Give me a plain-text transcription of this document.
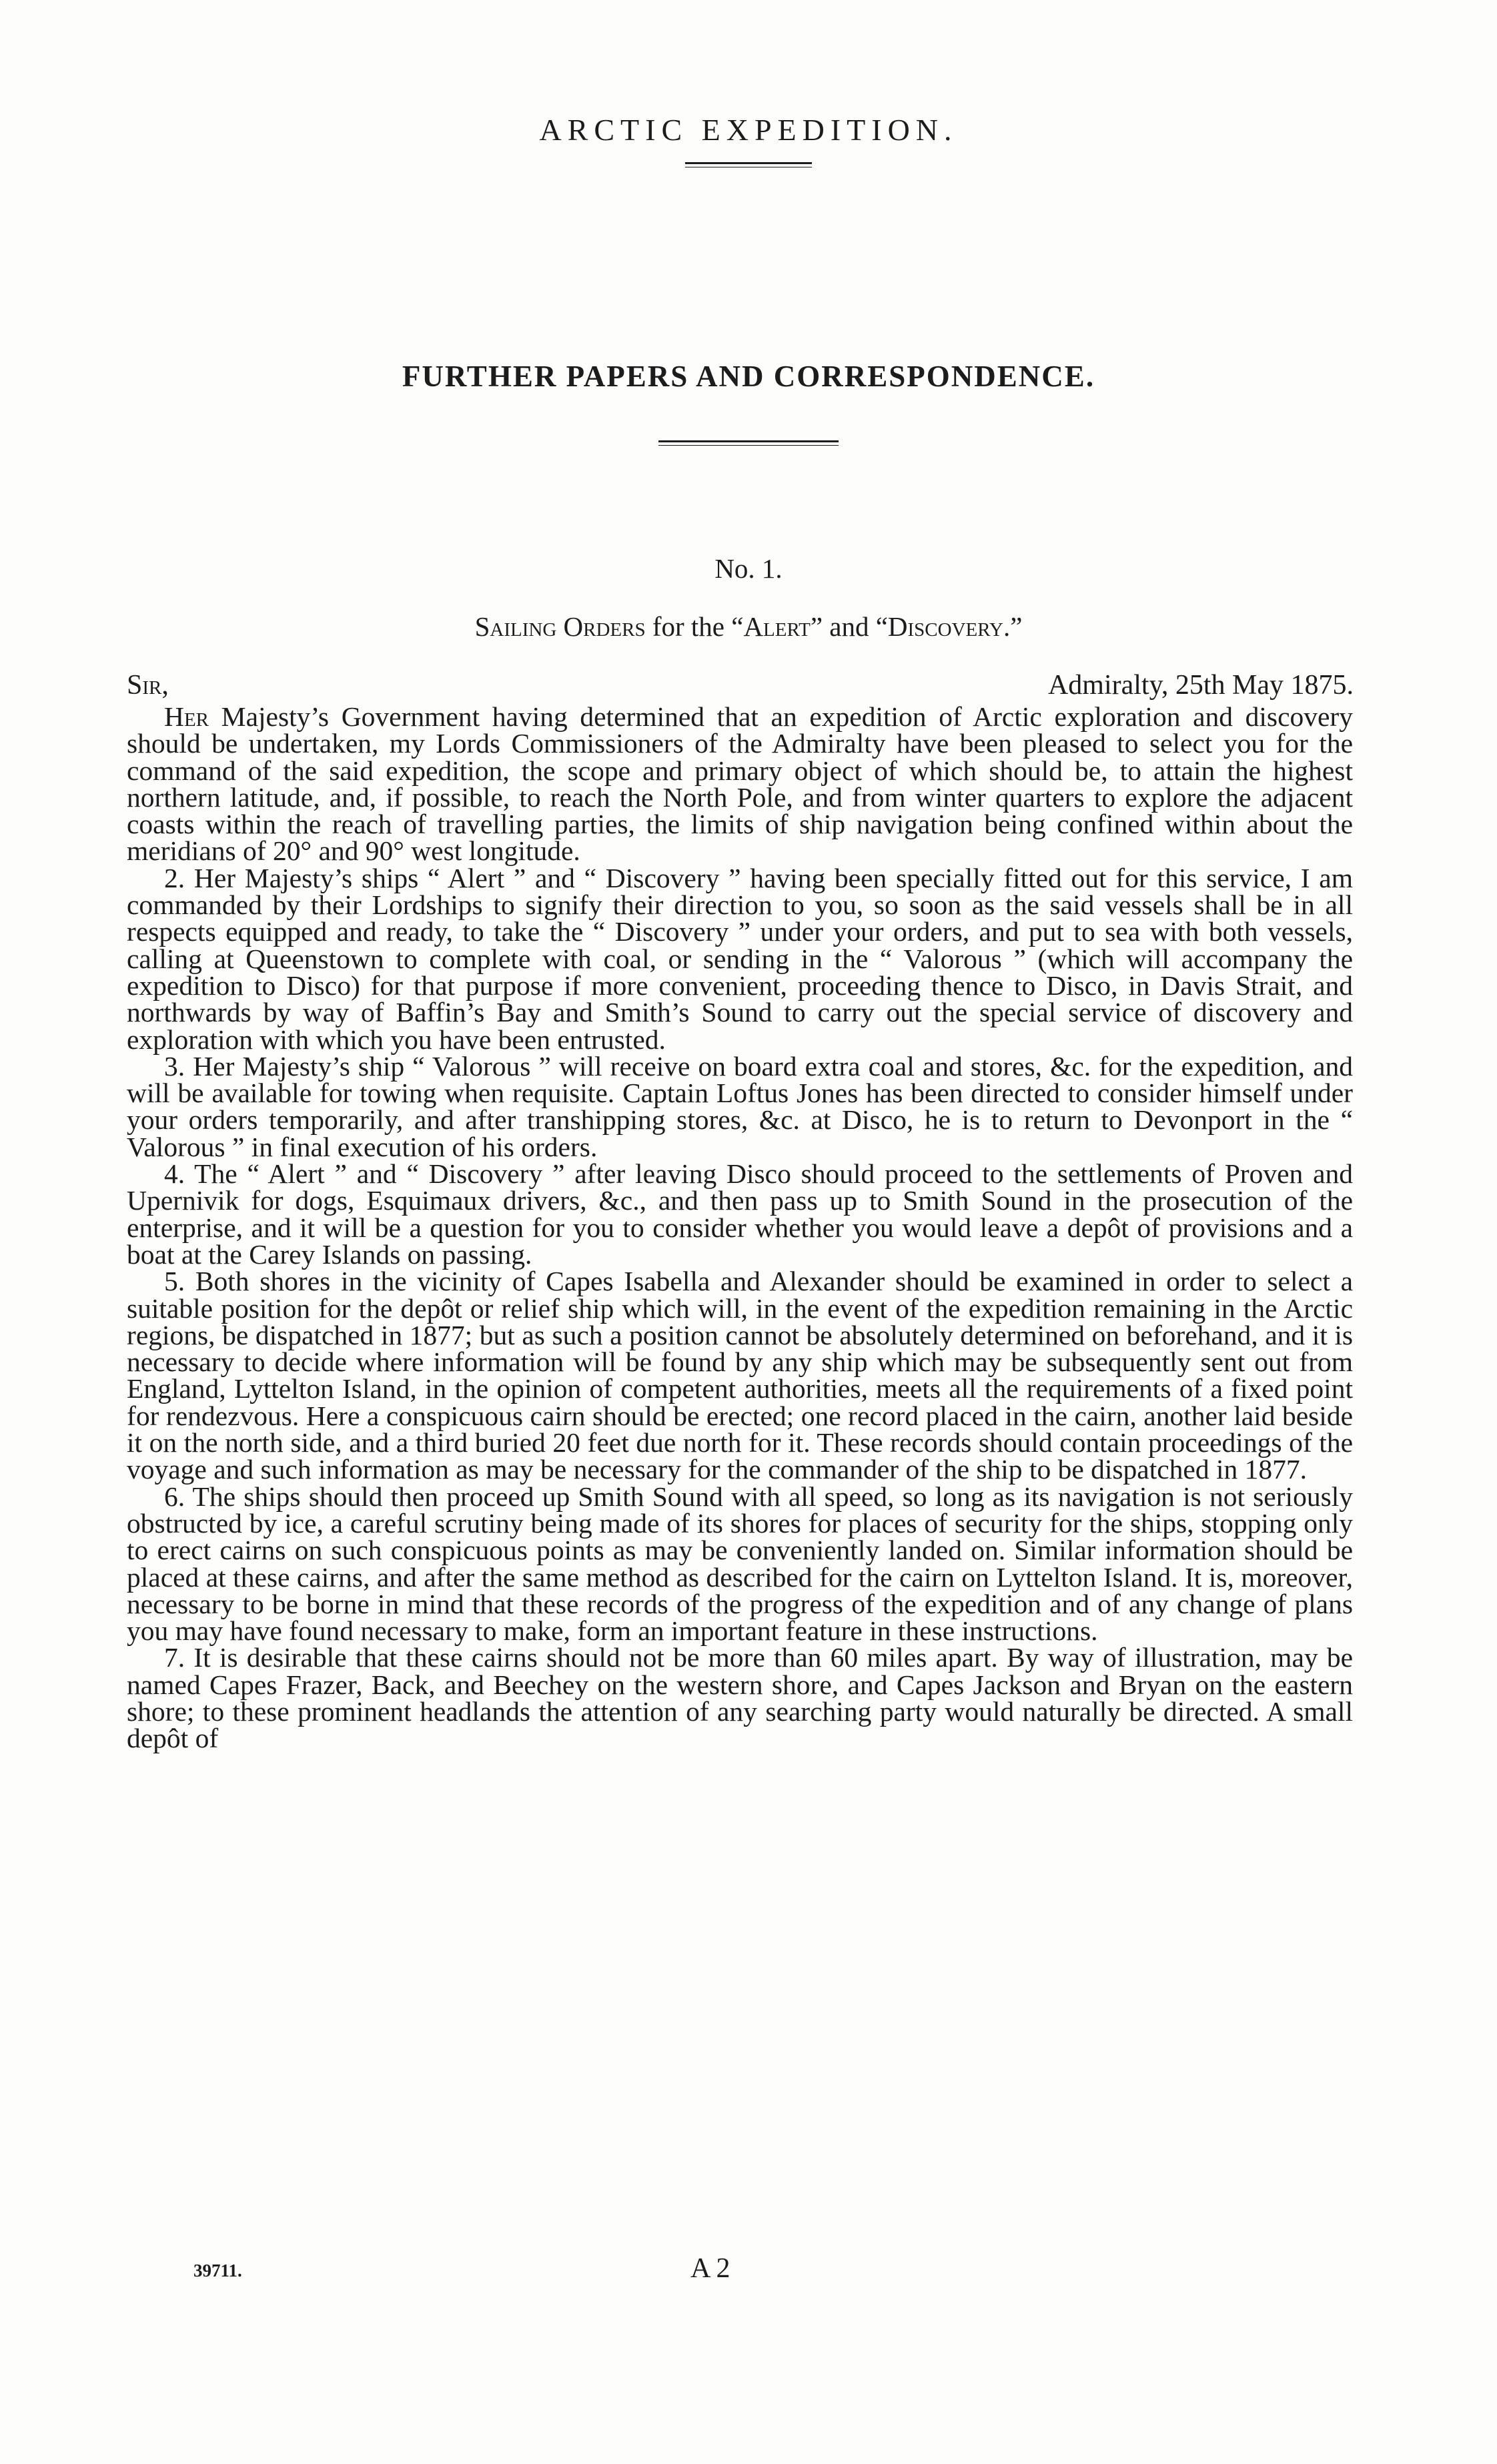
ARCTIC EXPEDITION.
FURTHER PAPERS AND CORRESPONDENCE.
No. 1.
Sailing Orders for the “Alert” and “Discovery.”
Sir,	Admiralty, 25th May 1875.

Her Majesty’s Government having determined that an expedition of Arctic exploration and discovery should be undertaken, my Lords Commissioners of the Admiralty have been pleased to select you for the command of the said expedition, the scope and primary object of which should be, to attain the highest northern latitude, and, if possible, to reach the North Pole, and from winter quarters to explore the adjacent coasts within the reach of travelling parties, the limits of ship navigation being confined within about the meridians of 20° and 90° west longitude.

2. Her Majesty’s ships “ Alert ” and “ Discovery ” having been specially fitted out for this service, I am commanded by their Lordships to signify their direction to you, so soon as the said vessels shall be in all respects equipped and ready, to take the “ Discovery ” under your orders, and put to sea with both vessels, calling at Queenstown to complete with coal, or sending in the “ Valorous ” (which will accompany the expedition to Disco) for that purpose if more convenient, proceeding thence to Disco, in Davis Strait, and northwards by way of Baffin’s Bay and Smith’s Sound to carry out the special service of discovery and exploration with which you have been entrusted.

3. Her Majesty’s ship “ Valorous ” will receive on board extra coal and stores, &c. for the expedition, and will be available for towing when requisite. Captain Loftus Jones has been directed to consider himself under your orders temporarily, and after transhipping stores, &c. at Disco, he is to return to Devonport in the “ Valorous ” in final execution of his orders.

4. The “ Alert ” and “ Discovery ” after leaving Disco should proceed to the settlements of Proven and Upernivik for dogs, Esquimaux drivers, &c., and then pass up to Smith Sound in the prosecution of the enterprise, and it will be a question for you to consider whether you would leave a depôt of provisions and a boat at the Carey Islands on passing.

5. Both shores in the vicinity of Capes Isabella and Alexander should be examined in order to select a suitable position for the depôt or relief ship which will, in the event of the expedition remaining in the Arctic regions, be dispatched in 1877; but as such a position cannot be absolutely determined on beforehand, and it is necessary to decide where information will be found by any ship which may be subsequently sent out from England, Lyttelton Island, in the opinion of competent authorities, meets all the requirements of a fixed point for rendezvous. Here a conspicuous cairn should be erected; one record placed in the cairn, another laid beside it on the north side, and a third buried 20 feet due north for it. These records should contain proceedings of the voyage and such information as may be necessary for the commander of the ship to be dispatched in 1877.

6. The ships should then proceed up Smith Sound with all speed, so long as its navigation is not seriously obstructed by ice, a careful scrutiny being made of its shores for places of security for the ships, stopping only to erect cairns on such conspicuous points as may be conveniently landed on. Similar information should be placed at these cairns, and after the same method as described for the cairn on Lyttelton Island. It is, moreover, necessary to be borne in mind that these records of the progress of the expedition and of any change of plans you may have found necessary to make, form an important feature in these instructions.

7. It is desirable that these cairns should not be more than 60 miles apart. By way of illustration, may be named Capes Frazer, Back, and Beechey on the western shore, and Capes Jackson and Bryan on the eastern shore; to these prominent headlands the attention of any searching party would naturally be directed. A small depôt of

39711.	A 2
